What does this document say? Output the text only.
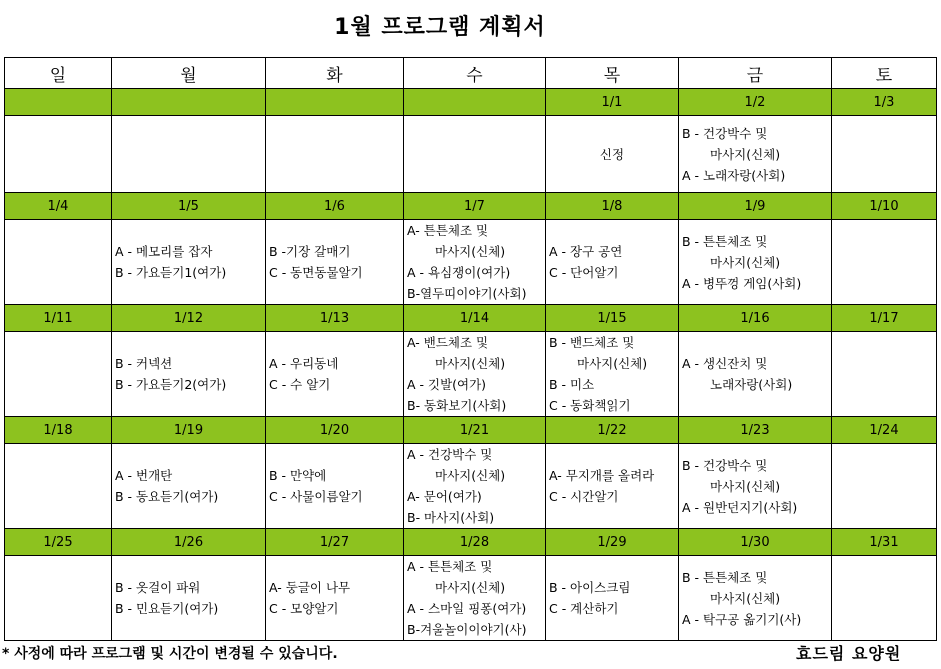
1월 프로그램 계획서
일	월	화	수	목	금	토
				1/1	1/2	1/3

				신정	B - 건강박수 및
마사지(신체)
A - 노래자랑(사회)	

1/4	1/5	1/6	1/7	1/8	1/9	1/10

	A - 메모리를 잡자
B - 가요듣기1(여가)	B -기장 갈매기
C - 동면동물알기	A- 튼튼체조 및
마사지(신체)
A - 욕심쟁이(여가)
B-열두띠이야기(사회)	A - 장구 공연
C - 단어알기	B - 튼튼체조 및
마사지(신체)
A - 병뚜껑 게임(사회)	

1/11	1/12	1/13	1/14	1/15	1/16	1/17

	B - 커넥션
B - 가요듣기2(여가)	A - 우리동네
C - 수 알기	A- 밴드체조 및
마사지(신체)
A - 깃발(여가)
B- 동화보기(사회)	B - 밴드체조 및
마사지(신체)
B - 미소
C - 동화책읽기	A - 생신잔치 및
노래자랑(사회)	

1/18	1/19	1/20	1/21	1/22	1/23	1/24

	A - 번개탄
B - 동요듣기(여가)	B - 만약에
C - 사물이름알기	A - 건강박수 및
마사지(신체)
A- 문어(여가)
B- 마사지(사회)	A- 무지개를 올려라
C - 시간알기	B - 건강박수 및
마사지(신체)
A - 원반던지기(사회)	

1/25	1/26	1/27	1/28	1/29	1/30	1/31

	B - 옷걸이 파워
B - 민요듣기(여가)	A- 둥글이 나무
C - 모양알기	A - 튼튼체조 및
마사지(신체)
A - 스마일 핑퐁(여가)
B-겨울놀이이야기(사)	B - 아이스크림
C - 계산하기	B - 튼튼체조 및
마사지(신체)
A - 탁구공 옮기기(사)	

* 사정에 따라 프로그램 및 시간이 변경될 수 있습니다.	효드림 요양원
